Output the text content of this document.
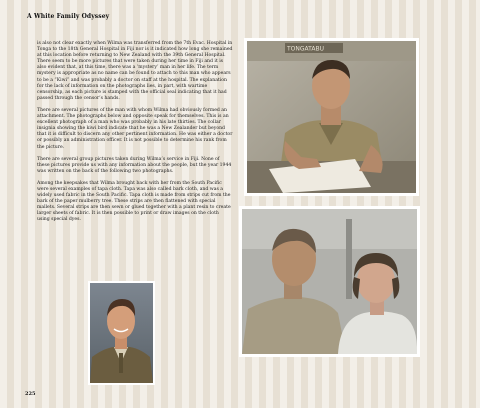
A White Family Odyssey

is also not clear exactly when Wilma was transferred from the 7th Evac. Hospital in Tonga to the 18th General Hospital in Fiji nor is it indicated how long she remained at this location before returning to New Zealand with the 39th General Hospital. There seem to be more pictures that were taken during her time in Fiji and it is also evident that, at this time, there was a ‘mystery’ man in her life. The term mystery is appropriate as no name can be found to attach to this man who appears to be a “Kiwi” and was probably a doctor on staff at the hospital. The explanation for the lack of information on the photographs lies, in part, with wartime censorship, as each picture is stamped with the official seal indicating that it had passed through the censor’s hands.

There are several pictures of the man with whom Wilma had obviously formed an attachment. The photographs below and opposite speak for themselves. This is an excellent photograph of a man who was probably in his late thirties. The collar insignia showing the kiwi bird indicate that he was a New Zealander but beyond that it is difficult to discern any other pertinent information. He was either a doctor or possibly an administration officer. It is not possible to determine his rank from the picture.

There are several group pictures taken during Wilma’s service in Fiji. None of these pictures provide us with any information about the people, but the year 1944 was written on the back of the following two photographs.

Among the keepsakes that Wilma brought back with her from the South Pacific were several examples of tapa cloth. Tapa was also called bark cloth, and was a widely used fabric in the South Pacific. Tapa cloth is made from strips cut from the bark of the paper mulberry tree. These strips are then flattened with special mallets. Several strips are then sewn or glued together with a plant resin to create larger sheets of fabric. It is then possible to print or draw images on the cloth using special dyes.

TONGATABU
225
